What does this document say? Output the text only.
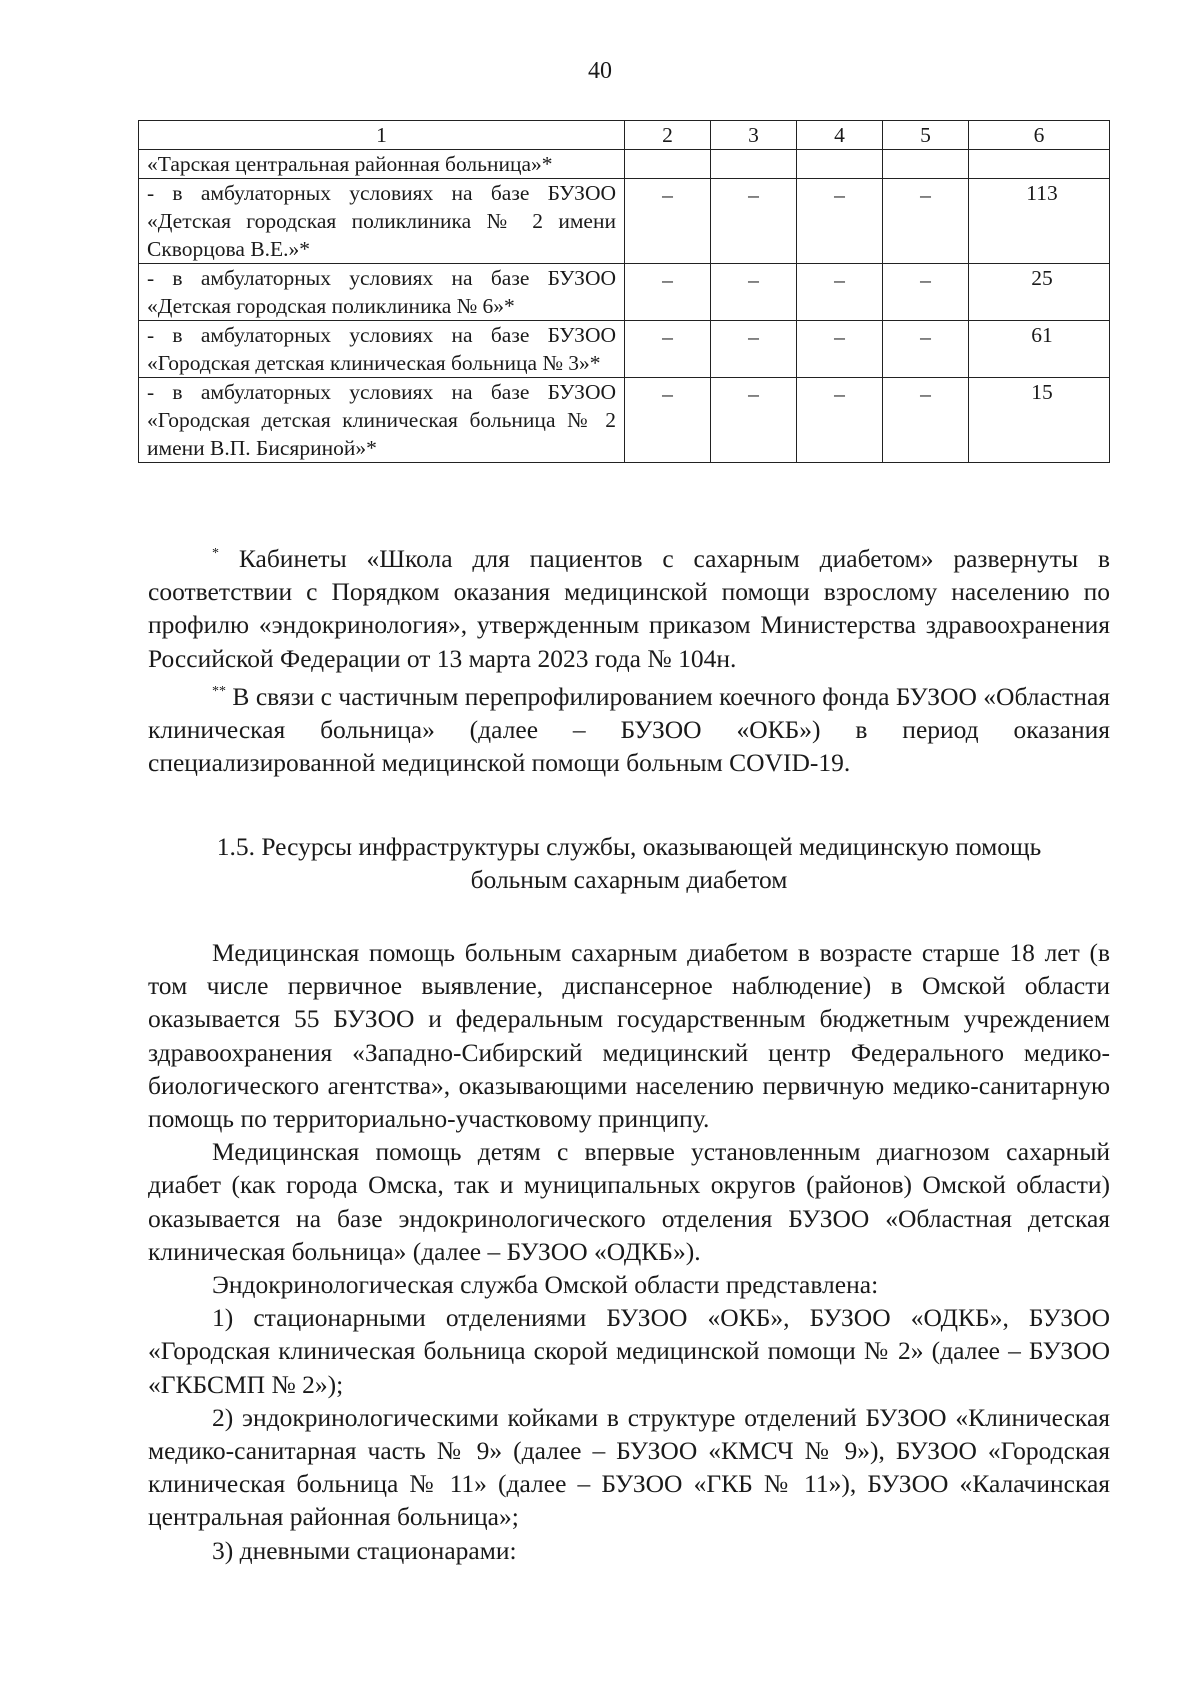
40
1	2	3	4	5	6
«Тарская центральная районная больница»*					
- в амбулаторных условиях на базе БУЗОО «Детская городская поликлиника № 2 имени Скворцова В.Е.»*	–	–	–	–	113
- в амбулаторных условиях на базе БУЗОО «Детская городская поликлиника № 6»*	–	–	–	–	25
- в амбулаторных условиях на базе БУЗОО «Городская детская клиническая больница № 3»*	–	–	–	–	61
- в амбулаторных условиях на базе БУЗОО «Городская детская клиническая больница № 2 имени В.П. Бисяриной»*	–	–	–	–	15

* Кабинеты «Школа для пациентов с сахарным диабетом» развернуты в соответствии с Порядком оказания медицинской помощи взрослому населению по профилю «эндокринология», утвержденным приказом Министерства здравоохранения Российской Федерации от 13 марта 2023 года № 104н.

** В связи с частичным перепрофилированием коечного фонда БУЗОО «Областная клиническая больница» (далее – БУЗОО «ОКБ») в период оказания специализированной медицинской помощи больным COVID-19.

1.5. Ресурсы инфраструктуры службы, оказывающей медицинскую помощь
больным сахарным диабетом

Медицинская помощь больным сахарным диабетом в возрасте старше 18 лет (в том числе первичное выявление, диспансерное наблюдение) в Омской области оказывается 55 БУЗОО и федеральным государственным бюджетным учреждением здравоохранения «Западно-Сибирский медицинский центр Федерального медико-биологического агентства», оказывающими населению первичную медико-санитарную помощь по территориально-участковому принципу.

Медицинская помощь детям с впервые установленным диагнозом сахарный диабет (как города Омска, так и муниципальных округов (районов) Омской области) оказывается на базе эндокринологического отделения БУЗОО «Областная детская клиническая больница» (далее – БУЗОО «ОДКБ»).

Эндокринологическая служба Омской области представлена:

1) стационарными отделениями БУЗОО «ОКБ», БУЗОО «ОДКБ», БУЗОО «Городская клиническая больница скорой медицинской помощи № 2» (далее – БУЗОО «ГКБСМП № 2»);

2) эндокринологическими койками в структуре отделений БУЗОО «Клиническая медико-санитарная часть № 9» (далее – БУЗОО «КМСЧ № 9»), БУЗОО «Городская клиническая больница № 11» (далее – БУЗОО «ГКБ № 11»), БУЗОО «Калачинская центральная районная больница»;

3) дневными стационарами:
